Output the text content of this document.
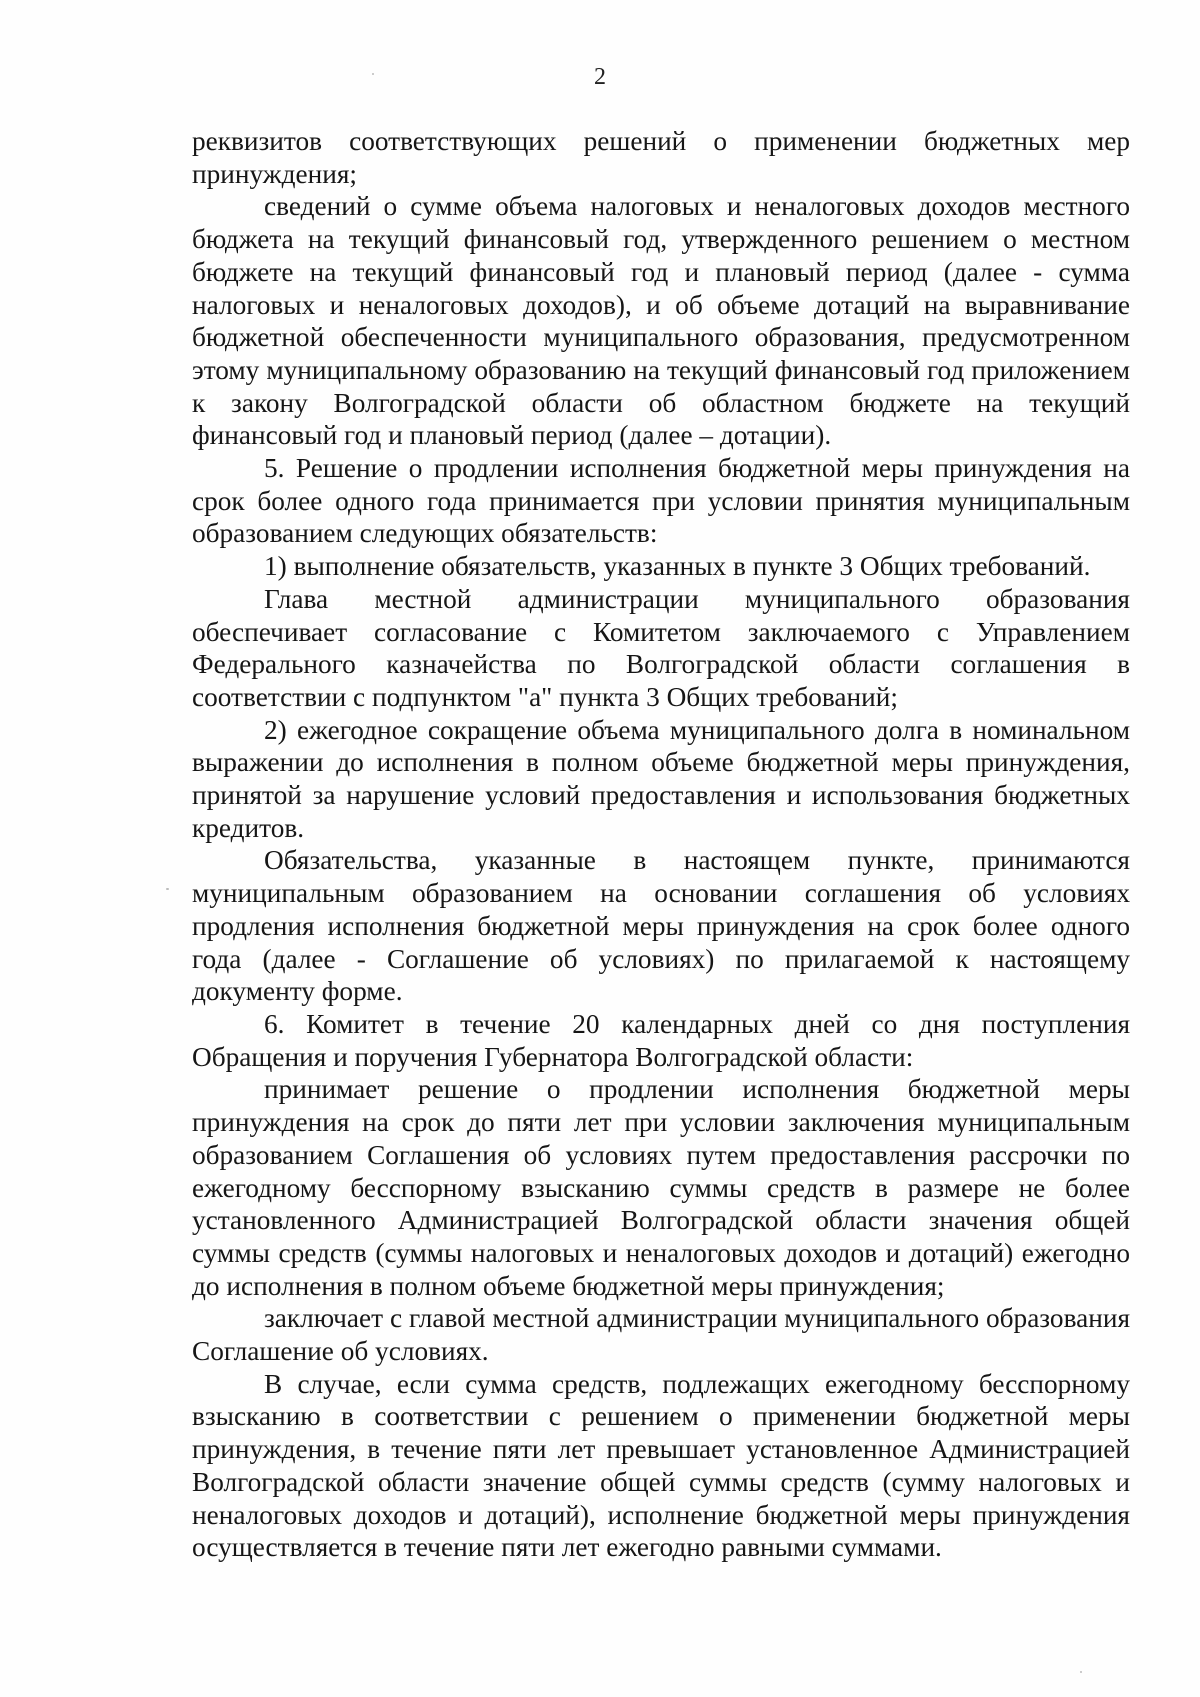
2

реквизитов соответствующих решений о применении бюджетных мер принуждения;

сведений о сумме объема налоговых и неналоговых доходов местного бюджета на текущий финансовый год, утвержденного решением о местном бюджете на текущий финансовый год и плановый период (далее - сумма налоговых и неналоговых доходов), и об объеме дотаций на выравнивание бюджетной обеспеченности муниципального образования, предусмотренном этому муниципальному образованию на текущий финансовый год приложением к закону Волгоградской области об областном бюджете на текущий финансовый год и плановый период (далее – дотации).

5. Решение о продлении исполнения бюджетной меры принуждения на срок более одного года принимается при условии принятия муниципальным образованием следующих обязательств:

1) выполнение обязательств, указанных в пункте 3 Общих требований.

Глава местной администрации муниципального образования обеспечивает согласование с Комитетом заключаемого с Управлением Федерального казначейства по Волгоградской области соглашения в соответствии с подпунктом "а" пункта 3 Общих требований;

2) ежегодное сокращение объема муниципального долга в номинальном выражении до исполнения в полном объеме бюджетной меры принуждения, принятой за нарушение условий предоставления и использования бюджетных кредитов.

Обязательства, указанные в настоящем пункте, принимаются муниципальным образованием на основании соглашения об условиях продления исполнения бюджетной меры принуждения на срок более одного года (далее - Соглашение об условиях) по прилагаемой к настоящему документу форме.

6. Комитет в течение 20 календарных дней со дня поступления Обращения и поручения Губернатора Волгоградской области:

принимает решение о продлении исполнения бюджетной меры принуждения на срок до пяти лет при условии заключения муниципальным образованием Соглашения об условиях путем предоставления рассрочки по ежегодному бесспорному взысканию суммы средств в размере не более установленного Администрацией Волгоградской области значения общей суммы средств (суммы налоговых и неналоговых доходов и дотаций) ежегодно до исполнения в полном объеме бюджетной меры принуждения;

заключает с главой местной администрации муниципального образования Соглашение об условиях.

В случае, если сумма средств, подлежащих ежегодному бесспорному взысканию в соответствии с решением о применении бюджетной меры принуждения, в течение пяти лет превышает установленное Администрацией Волгоградской области значение общей суммы средств (сумму налоговых и неналоговых доходов и дотаций), исполнение бюджетной меры принуждения осуществляется в течение пяти лет ежегодно равными суммами.
